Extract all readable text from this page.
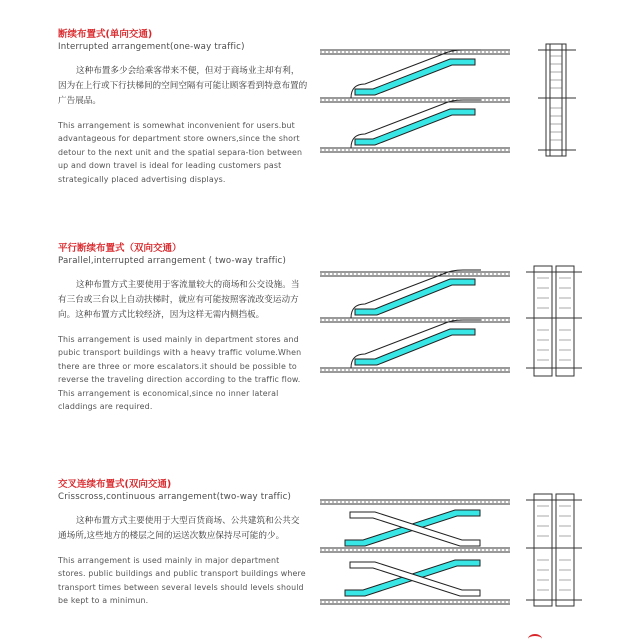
断续布置式(单向交通)

Interrupted arrangement(one-way traffic)

这种布置多少会给乘客带来不便，但对于商场业主却有利，因为在上行或下行扶梯间的空间空隔有可能让顾客看到特意布置的广告展品。

This arrangement is somewhat inconvenient for users.but advantageous for department store owners,since the short detour to the next unit and the spatial separa-tion between up and down travel is ideal for leading customers past strategically placed advertising displays.

平行断续布置式（双向交通）

Parallel,interrupted arrangement ( two-way traffic)

这种布置方式主要使用于客流量较大的商场和公交设施。当有三台或三台以上自动扶梯时，就应有可能按照客流改变运动方向。这种布置方式比较经济，因为这样无需内侧挡板。

This arrangement is used mainly in department stores and pubic transport buildings with a heavy traffic volume.When there are three or more escalators.it should be possible to reverse the traveling direction according to the traffic flow. This arrangement is economical,since no inner lateral claddings are required.

交叉连续布置式(双向交通)

Crisscross,continuous arrangement(two-way traffic)

这种布置方式主要使用于大型百货商场、公共建筑和公共交通场所,这些地方的楼层之间的运送次数应保持尽可能的少。

This arrangement is used mainly in major department stores. public buildings and public transport buildings where transport times between several levels should levels should be kept to a minimun.
